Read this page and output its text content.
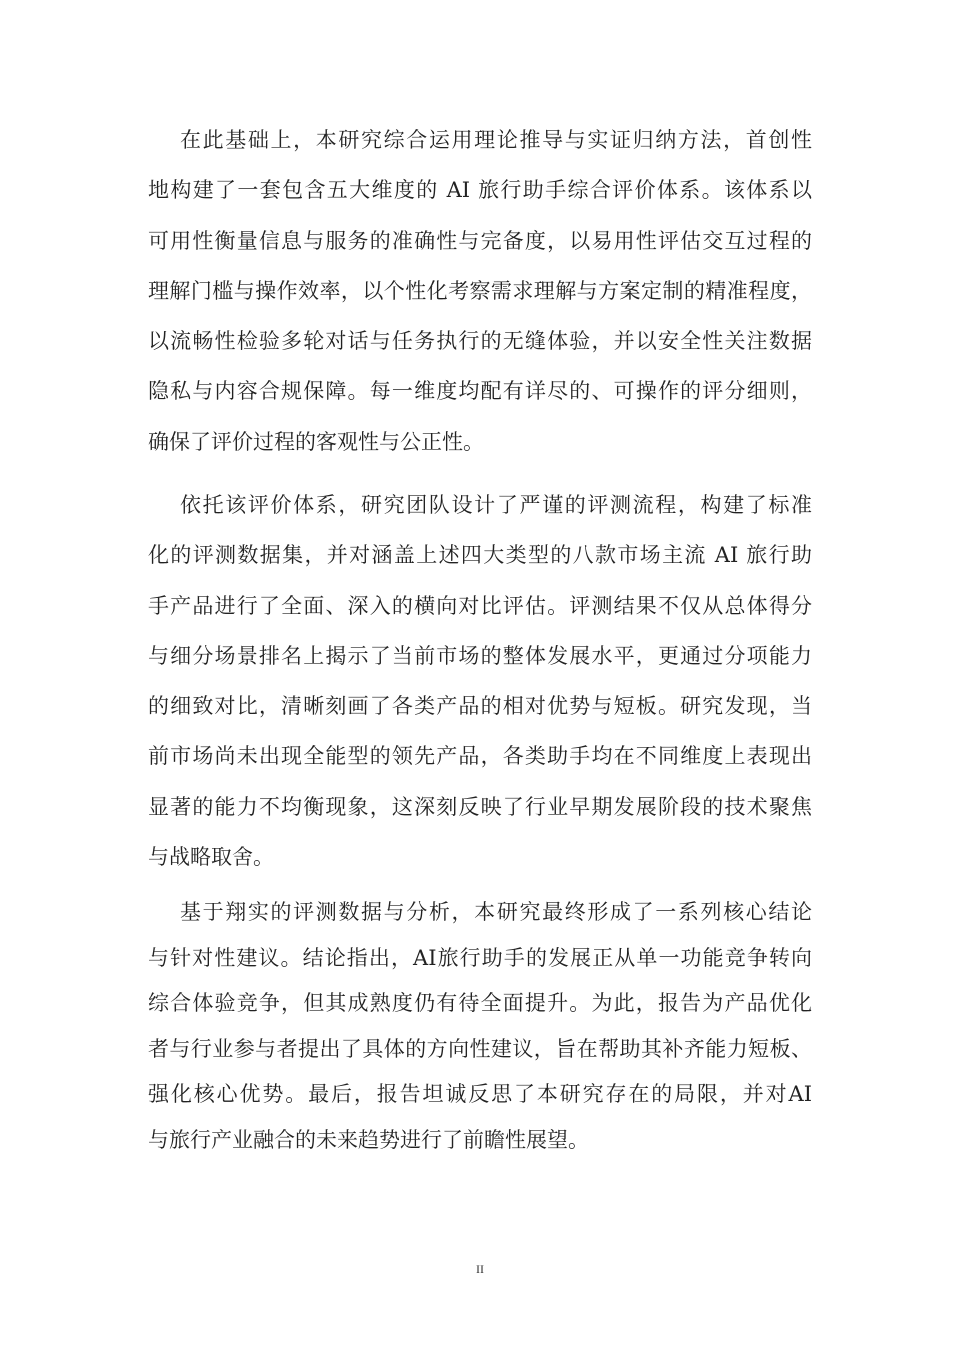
在此基础上，本研究综合运用理论推导与实证归纳方法，首创性
地构建了一套包含五大维度的 AI 旅行助手综合评价体系。该体系以
可用性衡量信息与服务的准确性与完备度，以易用性评估交互过程的
理解门槛与操作效率，以个性化考察需求理解与方案定制的精准程度，
以流畅性检验多轮对话与任务执行的无缝体验，并以安全性关注数据
隐私与内容合规保障。每一维度均配有详尽的、可操作的评分细则，
确保了评价过程的客观性与公正性。
依托该评价体系，研究团队设计了严谨的评测流程，构建了标准
化的评测数据集，并对涵盖上述四大类型的八款市场主流 AI 旅行助
手产品进行了全面、深入的横向对比评估。评测结果不仅从总体得分
与细分场景排名上揭示了当前市场的整体发展水平，更通过分项能力
的细致对比，清晰刻画了各类产品的相对优势与短板。研究发现，当
前市场尚未出现全能型的领先产品，各类助手均在不同维度上表现出
显著的能力不均衡现象，这深刻反映了行业早期发展阶段的技术聚焦
与战略取舍。
基于翔实的评测数据与分析，本研究最终形成了一系列核心结论
与针对性建议。结论指出，AI旅行助手的发展正从单一功能竞争转向
综合体验竞争，但其成熟度仍有待全面提升。为此，报告为产品优化
者与行业参与者提出了具体的方向性建议，旨在帮助其补齐能力短板、
强化核心优势。最后，报告坦诚反思了本研究存在的局限，并对AI
与旅行产业融合的未来趋势进行了前瞻性展望。
II
